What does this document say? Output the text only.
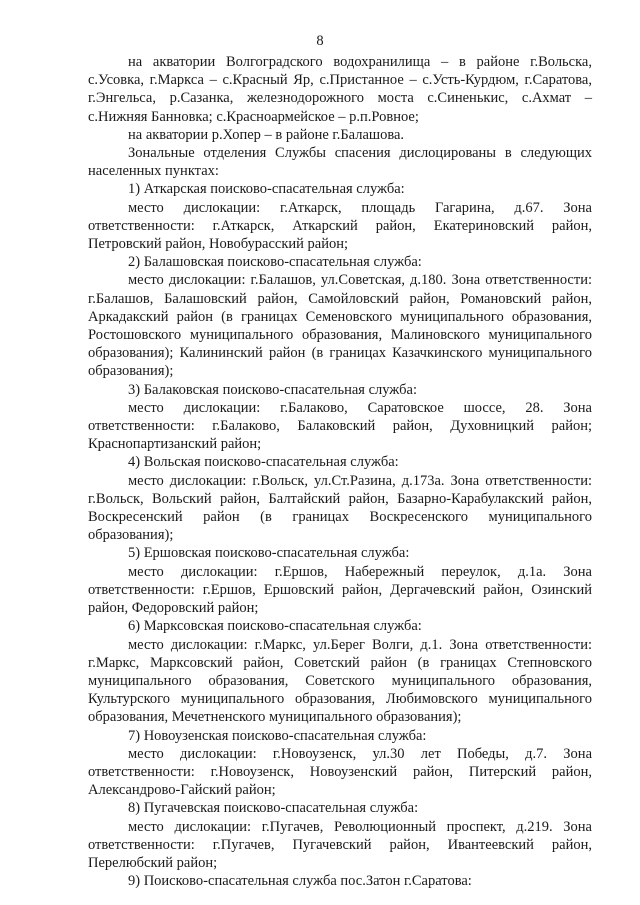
8

на акватории Волгоградского водохранилища – в районе г.Вольска, с.Усовка, г.Маркса – с.Красный Яр, с.Пристанное – с.Усть-Курдюм, г.Саратова, г.Энгельса, р.Сазанка, железнодорожного моста с.Синенькис, с.Ахмат – с.Нижняя Банновка; с.Красноармейское – р.п.Ровное;

на акватории р.Хопер – в районе г.Балашова.

Зональные отделения Службы спасения дислоцированы в следующих населенных пунктах:

1) Аткарская поисково-спасательная служба:

место дислокации: г.Аткарск, площадь Гагарина, д.67. Зона ответственности: г.Аткарск, Аткарский район, Екатериновский район, Петровский район, Новобурасский район;

2) Балашовская поисково-спасательная служба:

место дислокации: г.Балашов, ул.Советская, д.180. Зона ответственности: г.Балашов, Балашовский район, Самойловский район, Романовский район, Аркадакский район (в границах Семеновского муниципального образования, Ростошовского муниципального образования, Малиновского муниципального образования); Калининский район (в границах Казачкинского муниципального образования);

3) Балаковская поисково-спасательная служба:

место дислокации: г.Балаково, Саратовское шоссе, 28. Зона ответственности: г.Балаково, Балаковский район, Духовницкий район; Краснопартизанский район;

4) Вольская поисково-спасательная служба:

место дислокации: г.Вольск, ул.Ст.Разина, д.173а. Зона ответственности: г.Вольск, Вольский район, Балтайский район, Базарно-Карабулакский район, Воскресенский район (в границах Воскресенского муниципального образования);

5) Ершовская поисково-спасательная служба:

место дислокации: г.Ершов, Набережный переулок, д.1а. Зона ответственности: г.Ершов, Ершовский район, Дергачевский район, Озинский район, Федоровский район;

6) Марксовская поисково-спасательная служба:

место дислокации: г.Маркс, ул.Берег Волги, д.1. Зона ответственности: г.Маркс, Марксовский район, Советский район (в границах Степновского муниципального образования, Советского муниципального образования, Культурского муниципального образования, Любимовского муниципального образования, Мечетненского муниципального образования);

7) Новоузенская поисково-спасательная служба:

место дислокации: г.Новоузенск, ул.30 лет Победы, д.7. Зона ответственности: г.Новоузенск, Новоузенский район, Питерский район, Александрово-Гайский район;

8) Пугачевская поисково-спасательная служба:

место дислокации: г.Пугачев, Революционный проспект, д.219. Зона ответственности: г.Пугачев, Пугачевский район, Ивантеевский район, Перелюбский район;

9) Поисково-спасательная служба пос.Затон г.Саратова:
